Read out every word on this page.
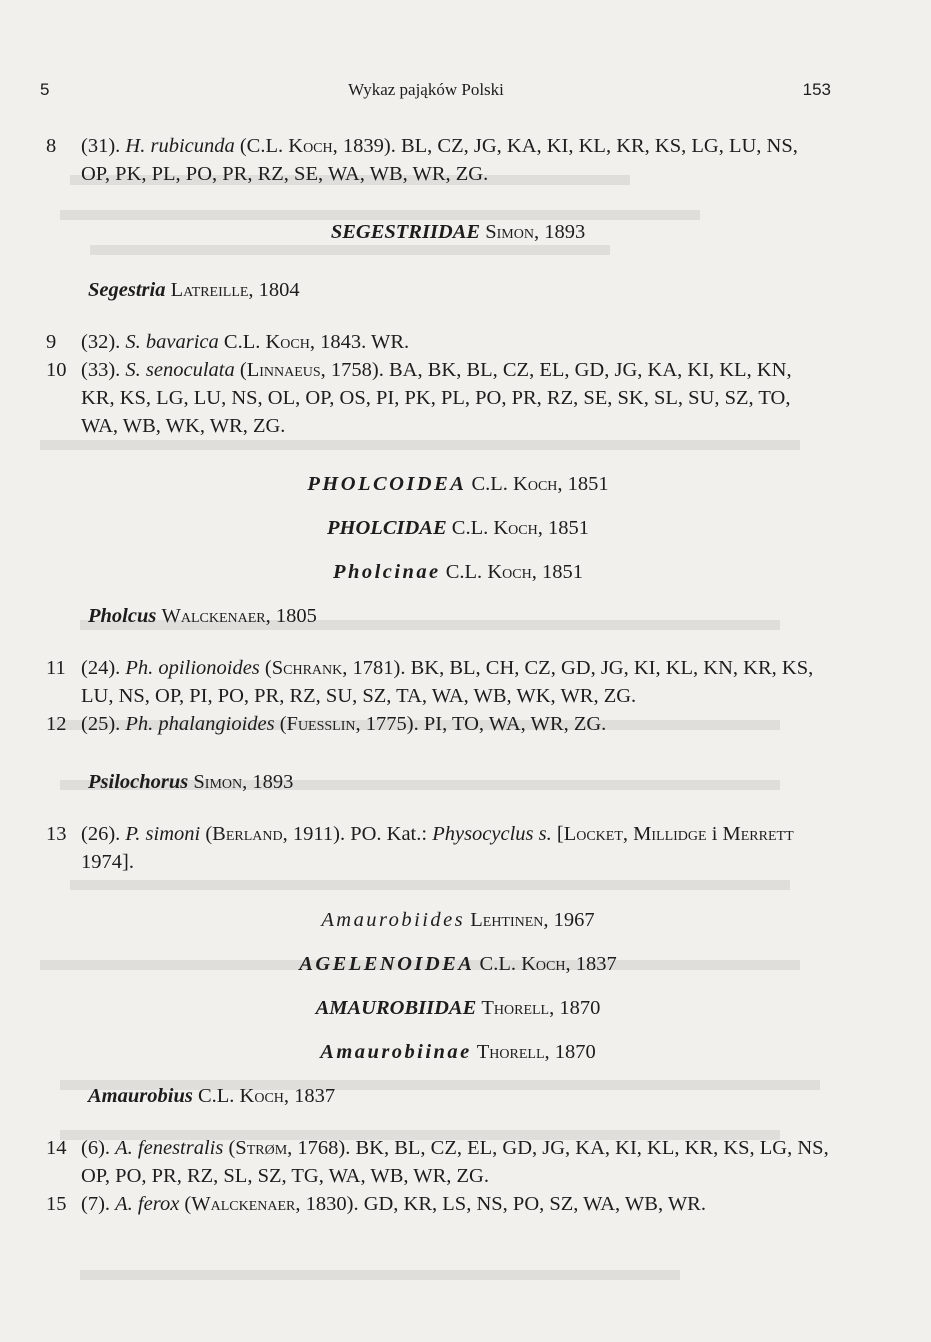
5	Wykaz pająków Polski	153
8	(31). H. rubicunda (C.L. Koch, 1839). BL, CZ, JG, KA, KI, KL, KR, KS, LG, LU, NS, OP, PK, PL, PO, PR, RZ, SE, WA, WB, WR, ZG.
SEGESTRIIDAE Simon, 1893
Segestria Latreille, 1804
9	(32). S. bavarica C.L. Koch, 1843. WR.
10 (33). S. senoculata (Linnaeus, 1758). BA, BK, BL, CZ, EL, GD, JG, KA, KI, KL, KN, KR, KS, LG, LU, NS, OL, OP, OS, PI, PK, PL, PO, PR, RZ, SE, SK, SL, SU, SZ, TO, WA, WB, WK, WR, ZG.
PHOLCOIDEA C.L. Koch, 1851
PHOLCIDAE C.L. Koch, 1851
Pholcinae C.L. Koch, 1851
Pholcus Walckenaer, 1805
11 (24). Ph. opilionoides (Schrank, 1781). BK, BL, CH, CZ, GD, JG, KI, KL, KN, KR, KS, LU, NS, OP, PI, PO, PR, RZ, SU, SZ, TA, WA, WB, WK, WR, ZG.
12 (25). Ph. phalangioides (Fuesslin, 1775). PI, TO, WA, WR, ZG.
Psilochorus Simon, 1893
13 (26). P. simoni (Berland, 1911). PO. Kat.: Physocyclus s. [Locket, Millidge i Merrett 1974].
Amaurobiides Lehtinen, 1967
AGELENOIDEA C.L. Koch, 1837
AMAUROBIIDAE Thorell, 1870
Amaurobiinae Thorell, 1870
Amaurobius C.L. Koch, 1837
14 (6). A. fenestralis (Strøm, 1768). BK, BL, CZ, EL, GD, JG, KA, KI, KL, KR, KS, LG, NS, OP, PO, PR, RZ, SL, SZ, TG, WA, WB, WR, ZG.
15 (7). A. ferox (Walckenaer, 1830). GD, KR, LS, NS, PO, SZ, WA, WB, WR.
